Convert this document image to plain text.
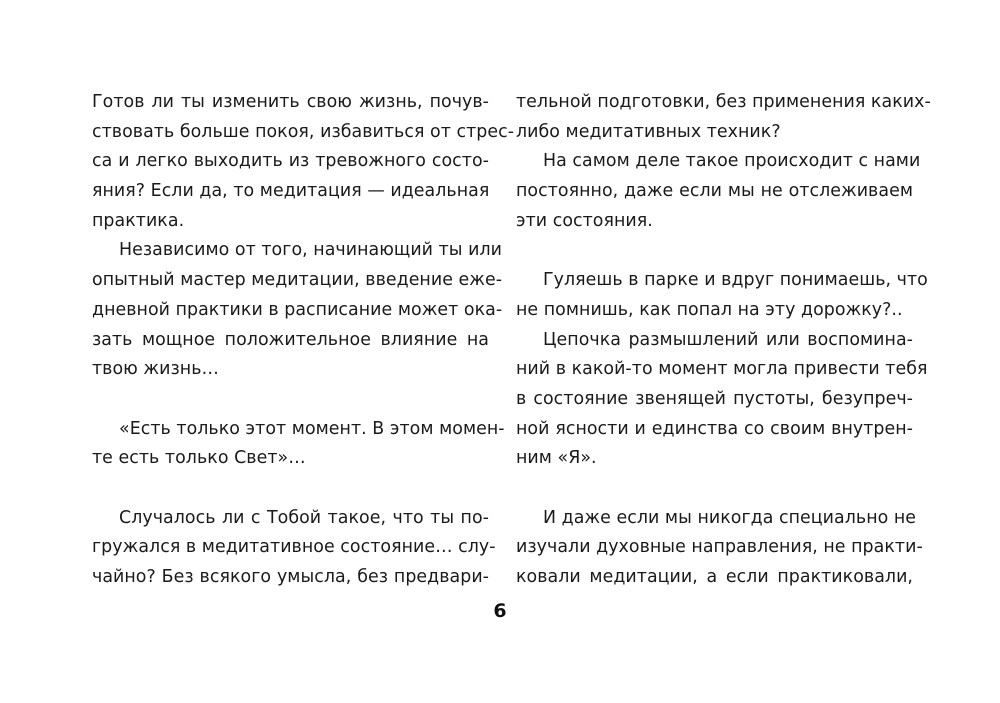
Готов ли ты изменить свою жизнь, почув-
ствовать больше покоя, избавиться от стрес-
са и легко выходить из тревожного состо-
яния? Если да, то медитация — идеальная
практика.
Независимо от того, начинающий ты или
опытный мастер медитации, введение еже-
дневной практики в расписание может ока-
зать мощное положительное влияние на
твою жизнь…
«Есть только этот момент. В этом момен-
те есть только Свет»…
Случалось ли с Тобой такое, что ты по-
гружался в медитативное состояние… слу-
чайно? Без всякого умысла, без предвари-
тельной подготовки, без применения каких-
либо медитативных техник?
На самом деле такое происходит с нами
постоянно, даже если мы не отслеживаем
эти состояния.
Гуляешь в парке и вдруг понимаешь, что
не помнишь, как попал на эту дорожку?..
Цепочка размышлений или воспомина-
ний в какой-то момент могла привести тебя
в состояние звенящей пустоты, безупреч-
ной ясности и единства со своим внутрен-
ним «Я».
И даже если мы никогда специально не
изучали духовные направления, не практи-
ковали медитации, а если практиковали,
6
